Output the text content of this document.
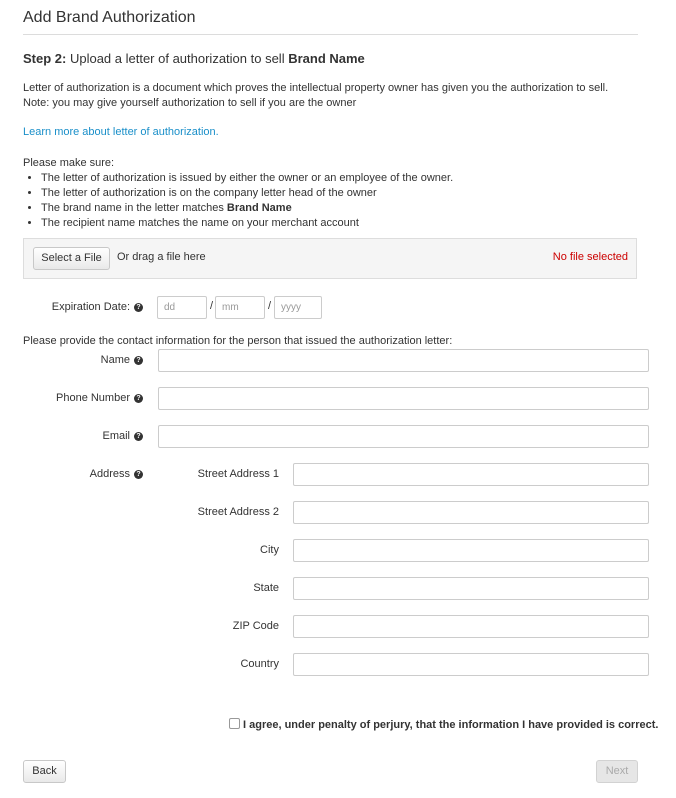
Add Brand Authorization
Step 2: Upload a letter of authorization to sell Brand Name
Letter of authorization is a document which proves the intellectual property owner has given you the authorization to sell.
Note: you may give yourself authorization to sell if you are the owner
Learn more about letter of authorization.
Please make sure:
• The letter of authorization is issued by either the owner or an employee of the owner.
• The letter of authorization is on the company letter head of the owner
• The brand name in the letter matches Brand Name
• The recipient name matches the name on your merchant account
Select a File	Or drag a file here	No file selected
Expiration Date: ?	dd	/ mm	/ yyyy
Please provide the contact information for the person that issued the authorization letter:
Name ?
Phone Number ?
Email ?
Address ?	Street Address 1
Street Address 2
City
State
ZIP Code
Country
I agree, under penalty of perjury, that the information I have provided is correct.
Back	Next
